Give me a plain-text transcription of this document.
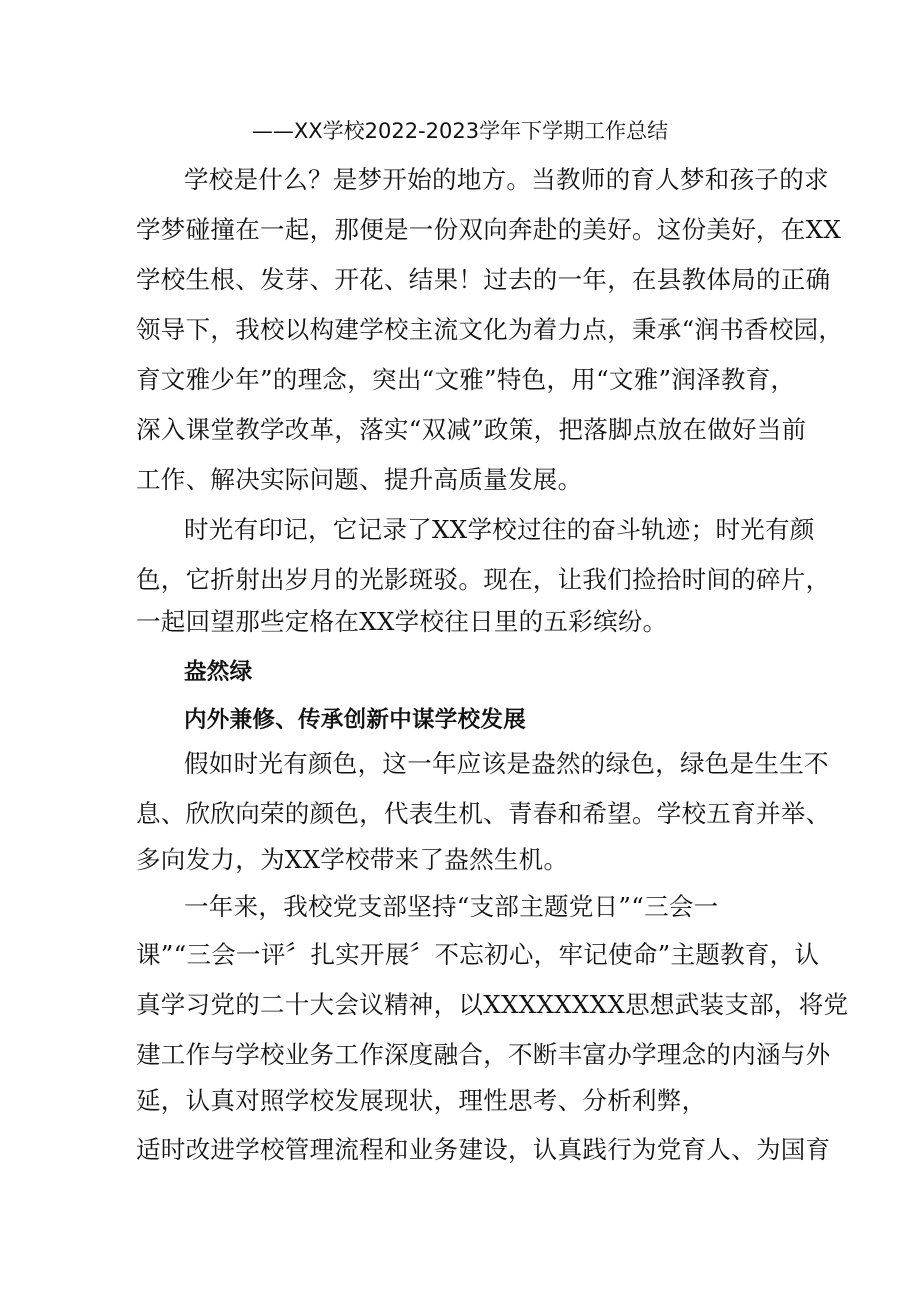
——XX学校2022-2023学年下学期工作总结
学校是什么？是梦开始的地方。当教师的育人梦和孩子的求
学梦碰撞在一起，那便是一份双向奔赴的美好。这份美好，在XX
学校生根、发芽、开花、结果！过去的一年，在县教体局的正确
领导下，我校以构建学校主流文化为着力点，秉承“润书香校园，
育文雅少年”的理念，突出“文雅”特色，用“文雅”润泽教育，
深入课堂教学改革，落实“双减”政策，把落脚点放在做好当前
工作、解决实际问题、提升高质量发展。
时光有印记，它记录了XX学校过往的奋斗轨迹；时光有颜
色，它折射出岁月的光影斑驳。现在，让我们捡拾时间的碎片，
一起回望那些定格在XX学校往日里的五彩缤纷。
盎然绿
内外兼修、传承创新中谋学校发展
假如时光有颜色，这一年应该是盎然的绿色，绿色是生生不
息、欣欣向荣的颜色，代表生机、青春和希望。学校五育并举、
多向发力，为XX学校带来了盎然生机。
一年来，我校党支部坚持“支部主题党日”“三会一
课”“三会一评〞扎实开展〞不忘初心，牢记使命”主题教育，认
真学习党的二十大会议精神，以XXXXXXXX思想武装支部，将党
建工作与学校业务工作深度融合，不断丰富办学理念的内涵与外
延，认真对照学校发展现状，理性思考、分析利弊，
适时改进学校管理流程和业务建设，认真践行为党育人、为国育
